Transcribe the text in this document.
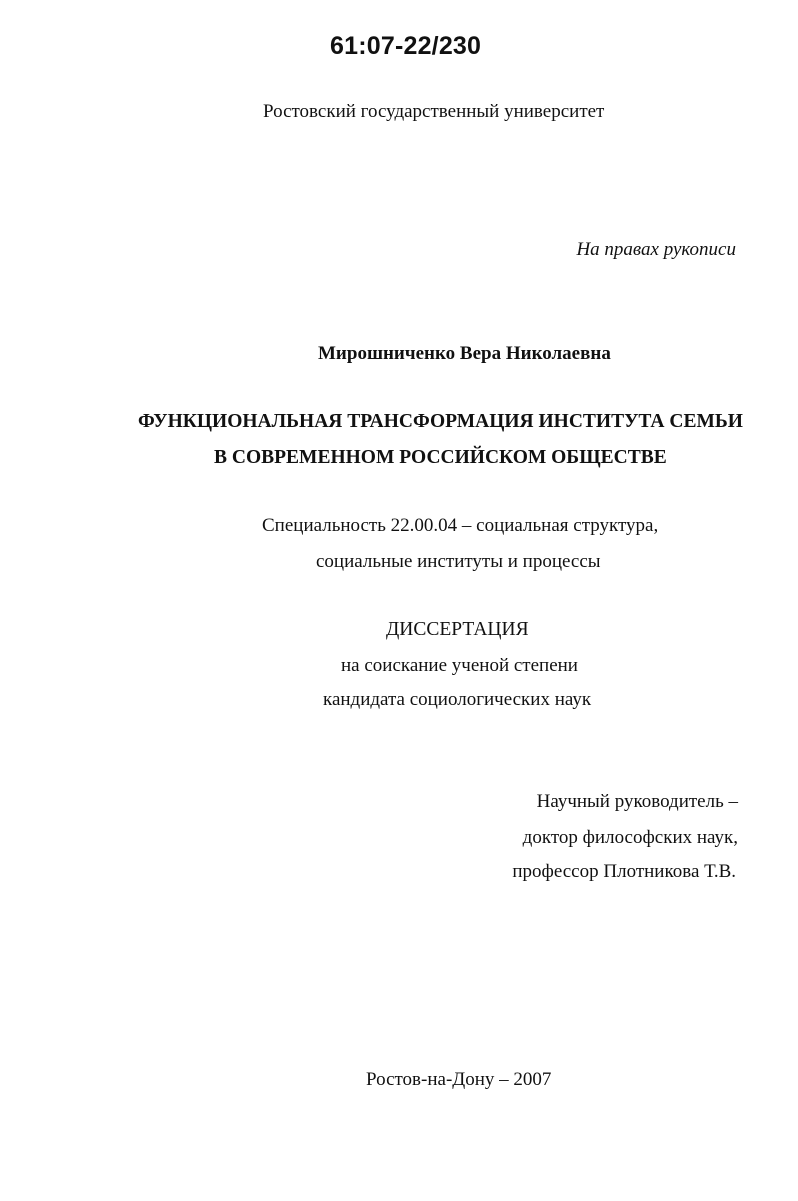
61:07-22/230
Ростовский государственный университет
На правах рукописи
Мирошниченко Вера Николаевна
ФУНКЦИОНАЛЬНАЯ ТРАНСФОРМАЦИЯ ИНСТИТУТА СЕМЬИ
В СОВРЕМЕННОМ РОССИЙСКОМ ОБЩЕСТВЕ
Специальность 22.00.04 – социальная структура,
социальные институты и процессы
ДИССЕРТАЦИЯ
на соискание ученой степени
кандидата социологических наук
Научный руководитель –
доктор философских наук,
профессор Плотникова Т.В.
Ростов-на-Дону – 2007
